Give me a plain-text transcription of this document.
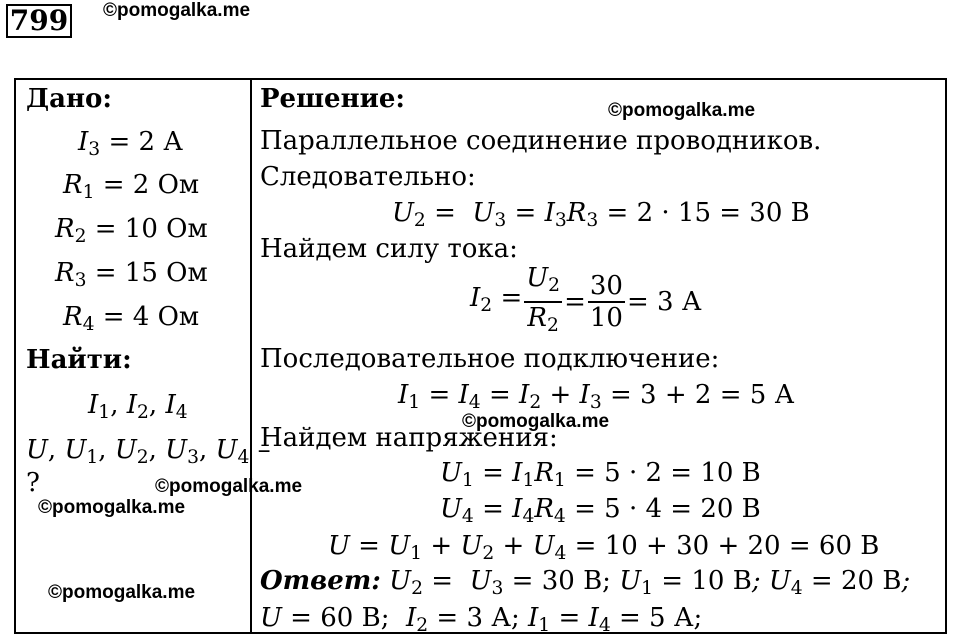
799 ©pomogalka.me
Дано:
$I_3 = 2$ А
$R_1 = 2$ Ом
$R_2 = 10$ Ом
$R_3 = 15$ Ом
$R_4 = 4$ Ом
Найти:
$I_1$, $I_2$, $I_4$
U, $U_1$, $U_2$, $U_3$, $U_4$ –
?
©pomogalka.me
©pomogalka.me
©pomogalka.me
©pomogalka.me
©pomogalka.me
Решение:
Параллельное соединение проводников.
Следовательно:
$U_2 = U_3 = I_3R_3 = 2 \cdot 15 = 30$ В
Найдем силу тока:
$I_2 = \frac{U_2}{R_2} = \frac{30}{10} = 3$ А
Последовательное подключение:
$I_1 = I_4 = I_2 + I_3 = 3 + 2 = 5$ А
Найдем напряжения:
$U_1 = I_1R_1 = 5 \cdot 2 = 10$ В
$U_4 = I_4R_4 = 5 \cdot 4 = 20$ В
$U = U_1 + U_2 + U_4 = 10 + 30 + 20 = 60$ В
Ответ: $U_2 = U_3 = 30$ В; $U_1 = 10$ В; $U_4 = 20$ В;
U = 60 В;  $I_2 = 3$ А; $I_1 = I_4 = 5$ А;
